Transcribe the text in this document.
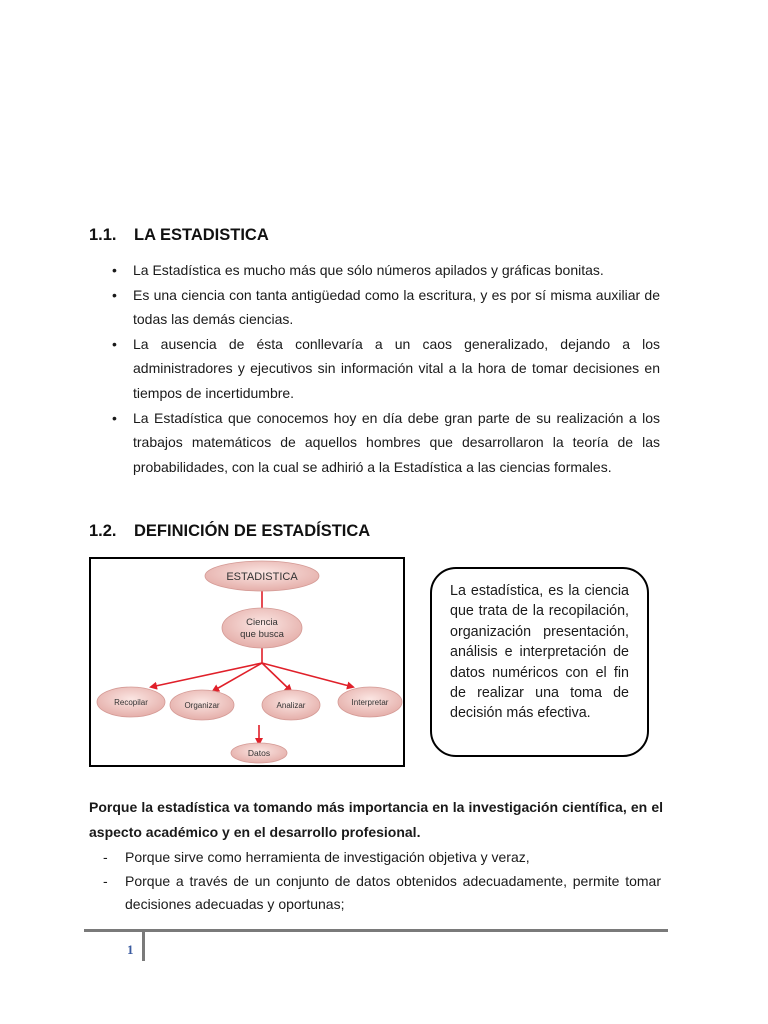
1.1. LA ESTADISTICA
• La Estadística es mucho más que sólo números apilados y gráficas bonitas.
• Es una ciencia con tanta antigüedad como la escritura, y es por sí misma auxiliar de todas las demás ciencias.
• La ausencia de ésta conllevaría a un caos generalizado, dejando a los administradores y ejecutivos sin información vital a la hora de tomar decisiones en tiempos de incertidumbre.
• La Estadística que conocemos hoy en día debe gran parte de su realización a los trabajos matemáticos de aquellos hombres que desarrollaron la teoría de las probabilidades, con la cual se adhirió a la Estadística a las ciencias formales.
1.2. DEFINICIÓN DE ESTADÍSTICA
ESTADISTICA
Ciencia
que busca
Recopilar	Organizar	Analizar	Interpretar
Datos
La estadística, es la ciencia que trata de la recopilación, organización presentación, análisis e interpretación de datos numéricos con el fin de realizar una toma de decisión más efectiva.

Porque la estadística va tomando más importancia en la investigación científica, en el aspecto académico y en el desarrollo profesional.

- Porque sirve como herramienta de investigación objetiva y veraz,
- Porque a través de un conjunto de datos obtenidos adecuadamente, permite tomar decisiones adecuadas y oportunas;
1
